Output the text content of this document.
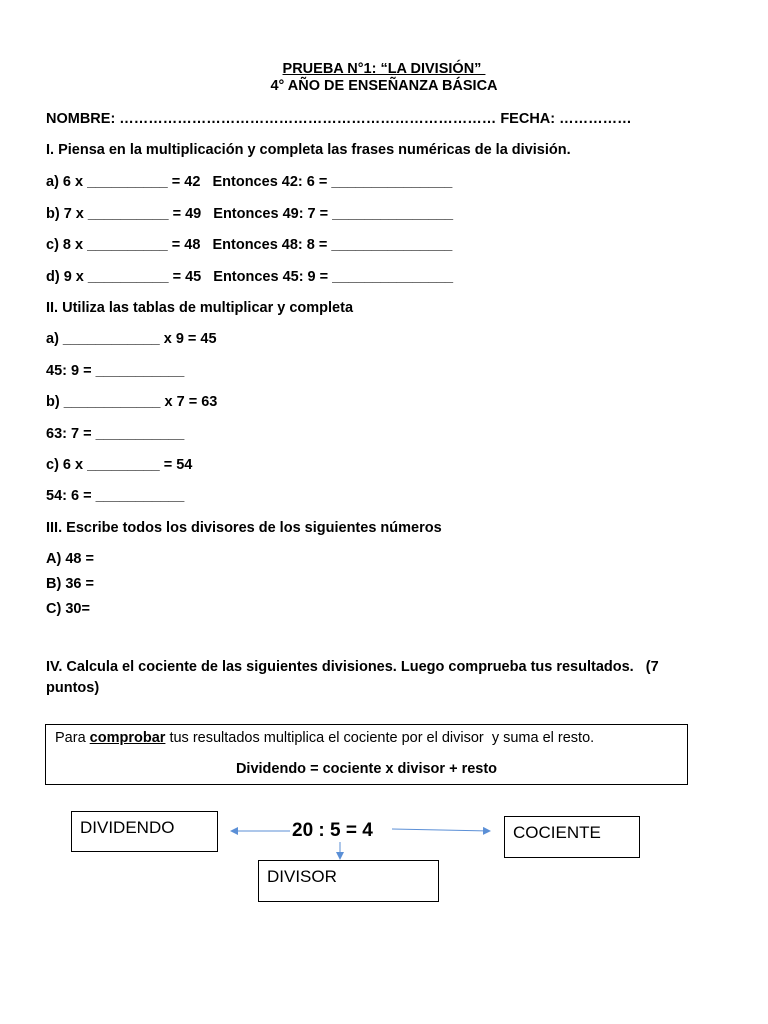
PRUEBA N°1: “LA DIVISIÓN”
4° AÑO DE ENSEÑANZA BÁSICA
NOMBRE: …………………………………………………………………… FECHA: ……………
I. Piensa en la multiplicación y completa las frases numéricas de la división.
a) 6 x __________ = 42   Entonces 42: 6 = _______________
b) 7 x __________ = 49   Entonces 49: 7 = _______________
c) 8 x __________ = 48   Entonces 48: 8 = _______________
d) 9 x __________ = 45   Entonces 45: 9 = _______________
II. Utiliza las tablas de multiplicar y completa
a) ____________ x 9 = 45
45: 9 = ___________
b) ____________ x 7 = 63
63: 7 = ___________
c) 6 x _________ = 54
54: 6 = ___________
III. Escribe todos los divisores de los siguientes números
A) 48 =
B) 36 =
C) 30=
IV. Calcula el cociente de las siguientes divisiones. Luego comprueba tus resultados.   (7
puntos)
Para comprobar tus resultados multiplica el cociente por el divisor  y suma el resto.
Dividendo = cociente x divisor + resto
DIVIDENDO	COCIENTE
DIVISOR
20 : 5 = 4
